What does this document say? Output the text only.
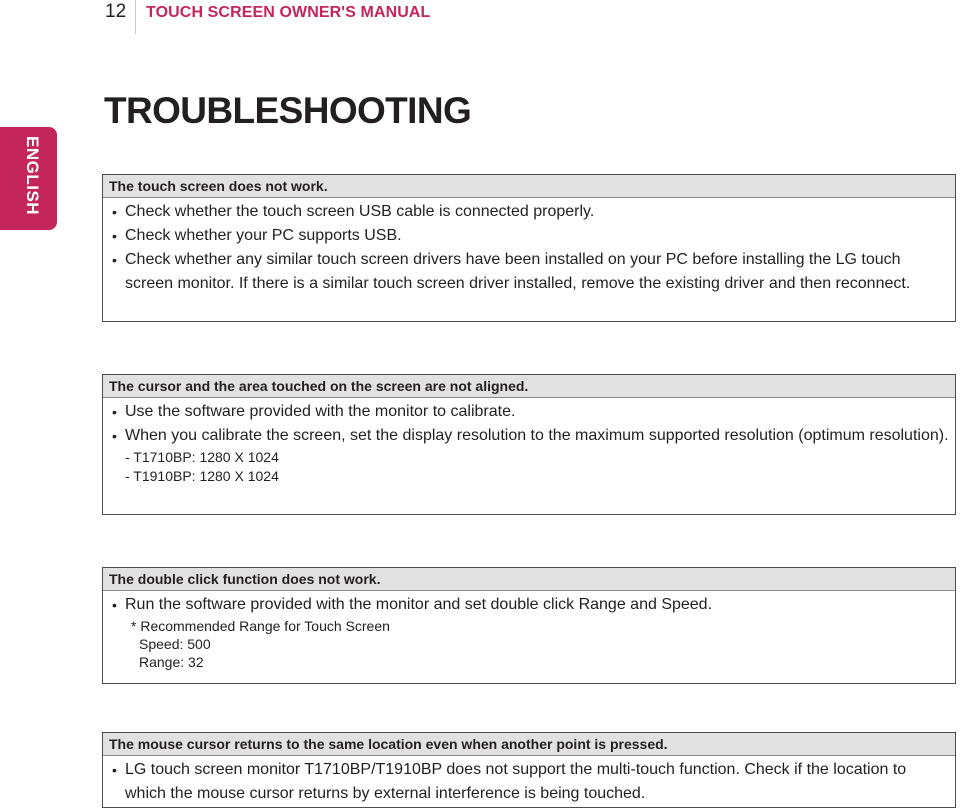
12 TOUCH SCREEN OWNER'S MANUAL
ENGLISH
TROUBLESHOOTING
The touch screen does not work.
• Check whether the touch screen USB cable is connected properly.
• Check whether your PC supports USB.
• Check whether any similar touch screen drivers have been installed on your PC before installing the LG touch screen monitor. If there is a similar touch screen driver installed, remove the existing driver and then reconnect.
The cursor and the area touched on the screen are not aligned.
• Use the software provided with the monitor to calibrate.
• When you calibrate the screen, set the display resolution to the maximum supported resolution (optimum resolution).
- T1710BP: 1280 X 1024
- T1910BP: 1280 X 1024
The double click function does not work.
• Run the software provided with the monitor and set double click Range and Speed.
* Recommended Range for Touch Screen
Speed: 500
Range: 32
The mouse cursor returns to the same location even when another point is pressed.
• LG touch screen monitor T1710BP/T1910BP does not support the multi-touch function. Check if the location to which the mouse cursor returns by external interference is being touched.
